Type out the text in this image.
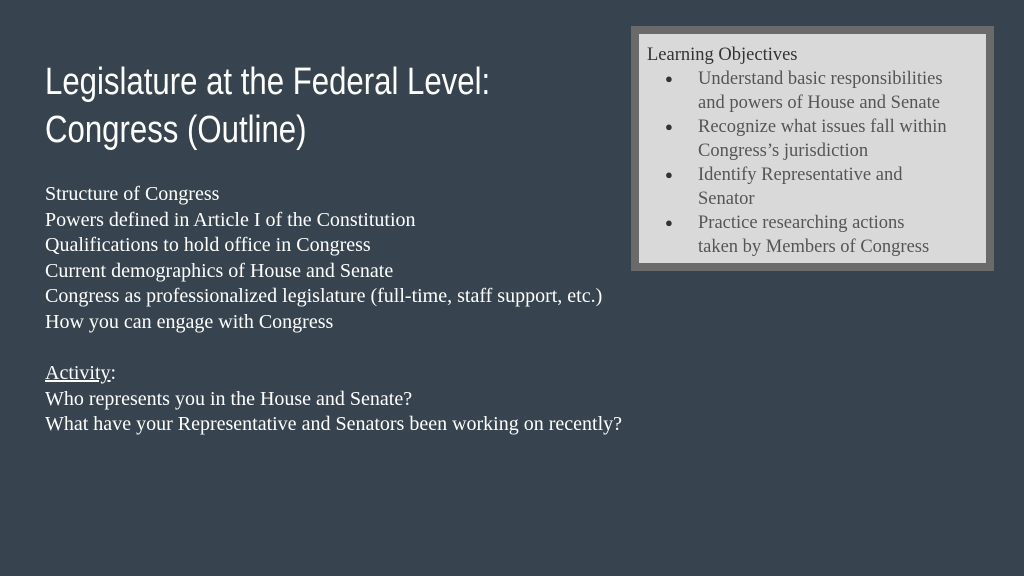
Legislature at the Federal Level:
Congress (Outline)
Structure of Congress
Powers defined in Article I of the Constitution
Qualifications to hold office in Congress
Current demographics of House and Senate
Congress as professionalized legislature (full-time, staff support, etc.)
How you can engage with Congress
Activity:
Who represents you in the House and Senate?
What have your Representative and Senators been working on recently?
Learning Objectives
● Understand basic responsibilities
and powers of House and Senate
● Recognize what issues fall within
Congress’s jurisdiction
● Identify Representative and
Senator
● Practice researching actions
taken by Members of Congress
